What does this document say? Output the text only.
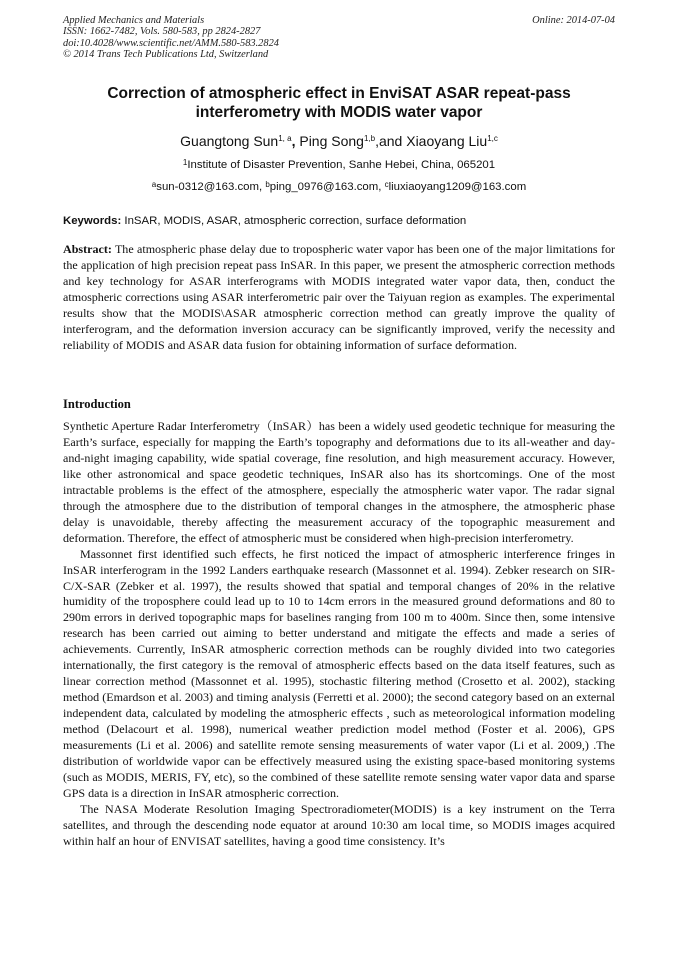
Applied Mechanics and Materials
ISSN: 1662-7482, Vols. 580-583, pp 2824-2827
doi:10.4028/www.scientific.net/AMM.580-583.2824
© 2014 Trans Tech Publications Ltd, Switzerland
Online: 2014-07-04
Correction of atmospheric effect in EnviSAT ASAR repeat-pass interferometry with MODIS water vapor
Guangtong Sun$^{1, a}$, Ping Song$^{1,b}$,and Xiaoyang Liu$^{1,c}$
$^1$Institute of Disaster Prevention, Sanhe Hebei, China, 065201
$^a$sun-0312@163.com, $^b$ping_0976@163.com, $^c$liuxiaoyang1209@163.com
Keywords: InSAR, MODIS, ASAR, atmospheric correction, surface deformation
Abstract: The atmospheric phase delay due to tropospheric water vapor has been one of the major limitations for the application of high precision repeat pass InSAR. In this paper, we present the atmospheric correction methods and key technology for ASAR interferograms with MODIS integrated water vapor data, then, conduct the atmospheric corrections using ASAR interferometric pair over the Taiyuan region as examples. The experimental results show that the MODIS\ASAR atmospheric correction method can greatly improve the quality of interferogram, and the deformation inversion accuracy can be significantly improved, verify the necessity and reliability of MODIS and ASAR data fusion for obtaining information of surface deformation.
Introduction

Synthetic Aperture Radar Interferometry（InSAR）has been a widely used geodetic technique for measuring the Earth’s surface, especially for mapping the Earth’s topography and deformations due to its all-weather and day-and-night imaging capability, wide spatial coverage, fine resolution, and high measurement accuracy. However, like other astronomical and space geodetic techniques, InSAR also has its shortcomings. One of the most intractable problems is the effect of the atmosphere, especially the atmospheric water vapor. The radar signal through the atmosphere due to the distribution of temporal changes in the atmosphere, the atmospheric phase delay is unavoidable, thereby affecting the measurement accuracy of the topographic measurement and deformation. Therefore, the effect of atmospheric must be considered when high-precision interferometry.

Massonnet first identified such effects, he first noticed the impact of atmospheric interference fringes in InSAR interferogram in the 1992 Landers earthquake research (Massonnet et al. 1994). Zebker research on SIR-C/X-SAR (Zebker et al. 1997), the results showed that spatial and temporal changes of 20% in the relative humidity of the troposphere could lead up to 10 to 14cm errors in the measured ground deformations and 80 to 290m errors in derived topographic maps for baselines ranging from 100 m to 400m. Since then, some intensive research has been carried out aiming to better understand and mitigate the effects and made a series of achievements. Currently, InSAR atmospheric correction methods can be roughly divided into two categories internationally, the first category is the removal of atmospheric effects based on the data itself features, such as linear correction method (Massonnet et al. 1995), stochastic filtering method (Crosetto et al. 2002), stacking method (Emardson et al. 2003) and timing analysis (Ferretti et al. 2000); the second category based on an external independent data, calculated by modeling the atmospheric effects , such as meteorological information modeling method (Delacourt et al. 1998), numerical weather prediction model method (Foster et al. 2006), GPS measurements (Li et al. 2006) and satellite remote sensing measurements of water vapor (Li et al. 2009,) .The distribution of worldwide vapor can be effectively measured using the existing space-based monitoring systems (such as MODIS, MERIS, FY, etc), so the combined of these satellite remote sensing water vapor data and sparse GPS data is a direction in InSAR atmospheric correction.

The NASA Moderate Resolution Imaging Spectroradiometer(MODIS) is a key instrument on the Terra satellites, and through the descending node equator at around 10:30 am local time, so MODIS images acquired within half an hour of ENVISAT satellites, having a good time consistency. It’s
